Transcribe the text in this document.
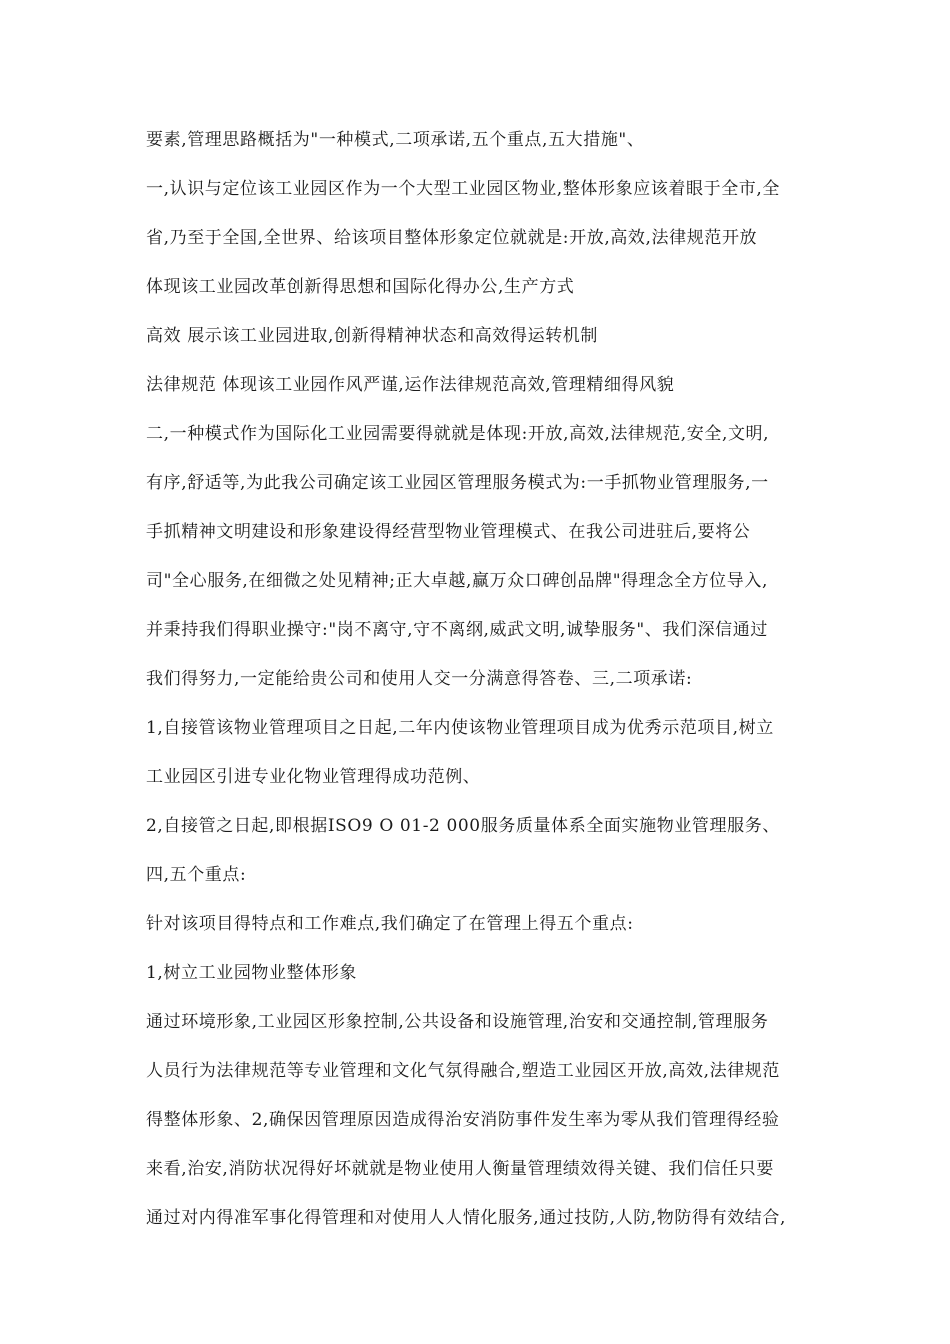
要素,管理思路概括为"一种模式,二项承诺,五个重点,五大措施"、
一,认识与定位该工业园区作为一个大型工业园区物业,整体形象应该着眼于全市,全
省,乃至于全国,全世界、给该项目整体形象定位就就是:开放,高效,法律规范开放
体现该工业园改革创新得思想和国际化得办公,生产方式
高效 展示该工业园进取,创新得精神状态和高效得运转机制
法律规范 体现该工业园作风严谨,运作法律规范高效,管理精细得风貌
二,一种模式作为国际化工业园需要得就就是体现:开放,高效,法律规范,安全,文明,
有序,舒适等,为此我公司确定该工业园区管理服务模式为:一手抓物业管理服务,一
手抓精神文明建设和形象建设得经营型物业管理模式、在我公司进驻后,要将公
司"全心服务,在细微之处见精神;正大卓越,赢万众口碑创品牌"得理念全方位导入,
并秉持我们得职业操守:"岗不离守,守不离纲,威武文明,诚挚服务"、我们深信通过
我们得努力,一定能给贵公司和使用人交一分满意得答卷、三,二项承诺:
1,自接管该物业管理项目之日起,二年内使该物业管理项目成为优秀示范项目,树立
工业园区引进专业化物业管理得成功范例、
2,自接管之日起,即根据ISO9 O 01-2 000服务质量体系全面实施物业管理服务、
四,五个重点:
针对该项目得特点和工作难点,我们确定了在管理上得五个重点:
1,树立工业园物业整体形象
通过环境形象,工业园区形象控制,公共设备和设施管理,治安和交通控制,管理服务
人员行为法律规范等专业管理和文化气氛得融合,塑造工业园区开放,高效,法律规范
得整体形象、2,确保因管理原因造成得治安消防事件发生率为零从我们管理得经验
来看,治安,消防状况得好坏就就是物业使用人衡量管理绩效得关键、我们信任只要
通过对内得准军事化得管理和对使用人人情化服务,通过技防,人防,物防得有效结合,
